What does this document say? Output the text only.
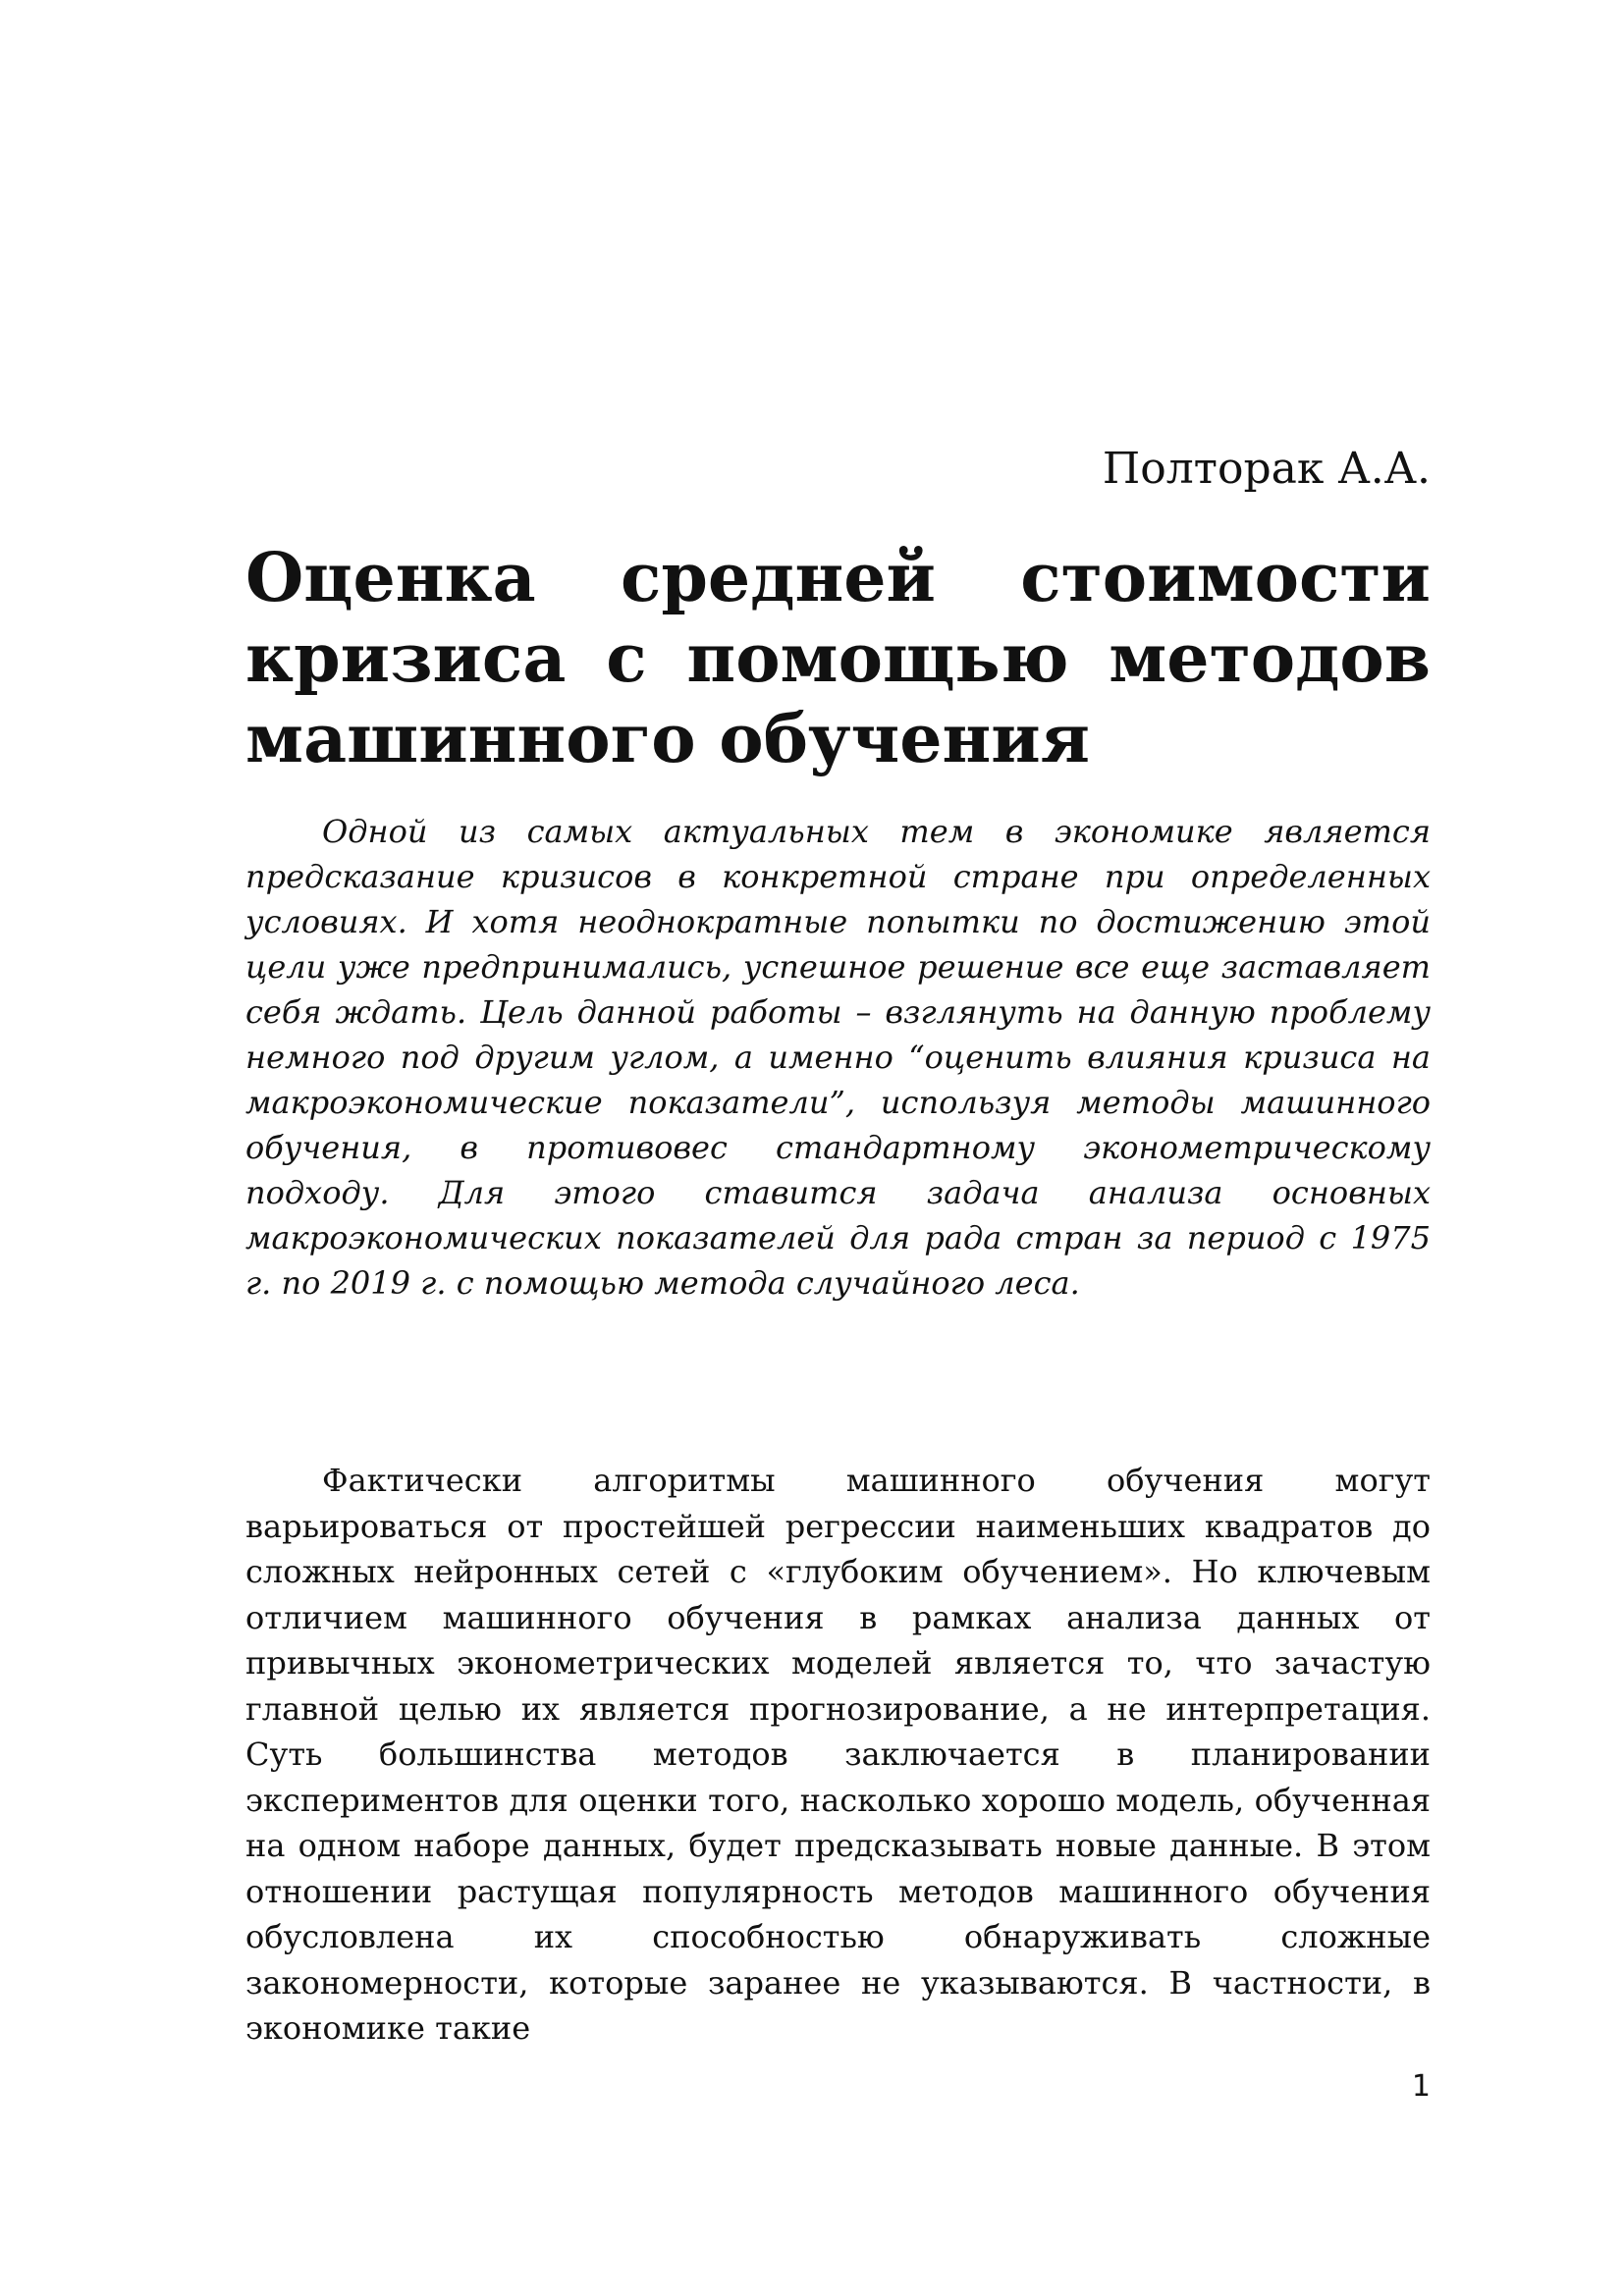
Полторак А.А.
Оценка средней стоимости кризиса с помощью методов машинного обучения

Одной из самых актуальных тем в экономике является предсказание кризисов в конкретной стране при определенных условиях. И хотя неоднократные попытки по достижению этой цели уже предпринимались, успешное решение все еще заставляет себя ждать. Цель данной работы – взглянуть на данную проблему немного под другим углом, а именно “оценить влияния кризиса на макроэкономические показатели”, используя методы машинного обучения, в противовес стандартному эконометрическому подходу. Для этого ставится задача анализа основных макроэкономических показателей для рада стран за период с 1975 г. по 2019 г. с помощью метода случайного леса.

Фактически алгоритмы машинного обучения могут варьироваться от простейшей регрессии наименьших квадратов до сложных нейронных сетей с «глубоким обучением». Но ключевым отличием машинного обучения в рамках анализа данных от привычных эконометрических моделей является то, что зачастую главной целью их является прогнозирование, а не интерпретация. Суть большинства методов заключается в планировании экспериментов для оценки того, насколько хорошо модель, обученная на одном наборе данных, будет предсказывать новые данные. В этом отношении растущая популярность методов машинного обучения обусловлена их способностью обнаруживать сложные закономерности, которые заранее не указываются. В частности, в экономике такие

1
